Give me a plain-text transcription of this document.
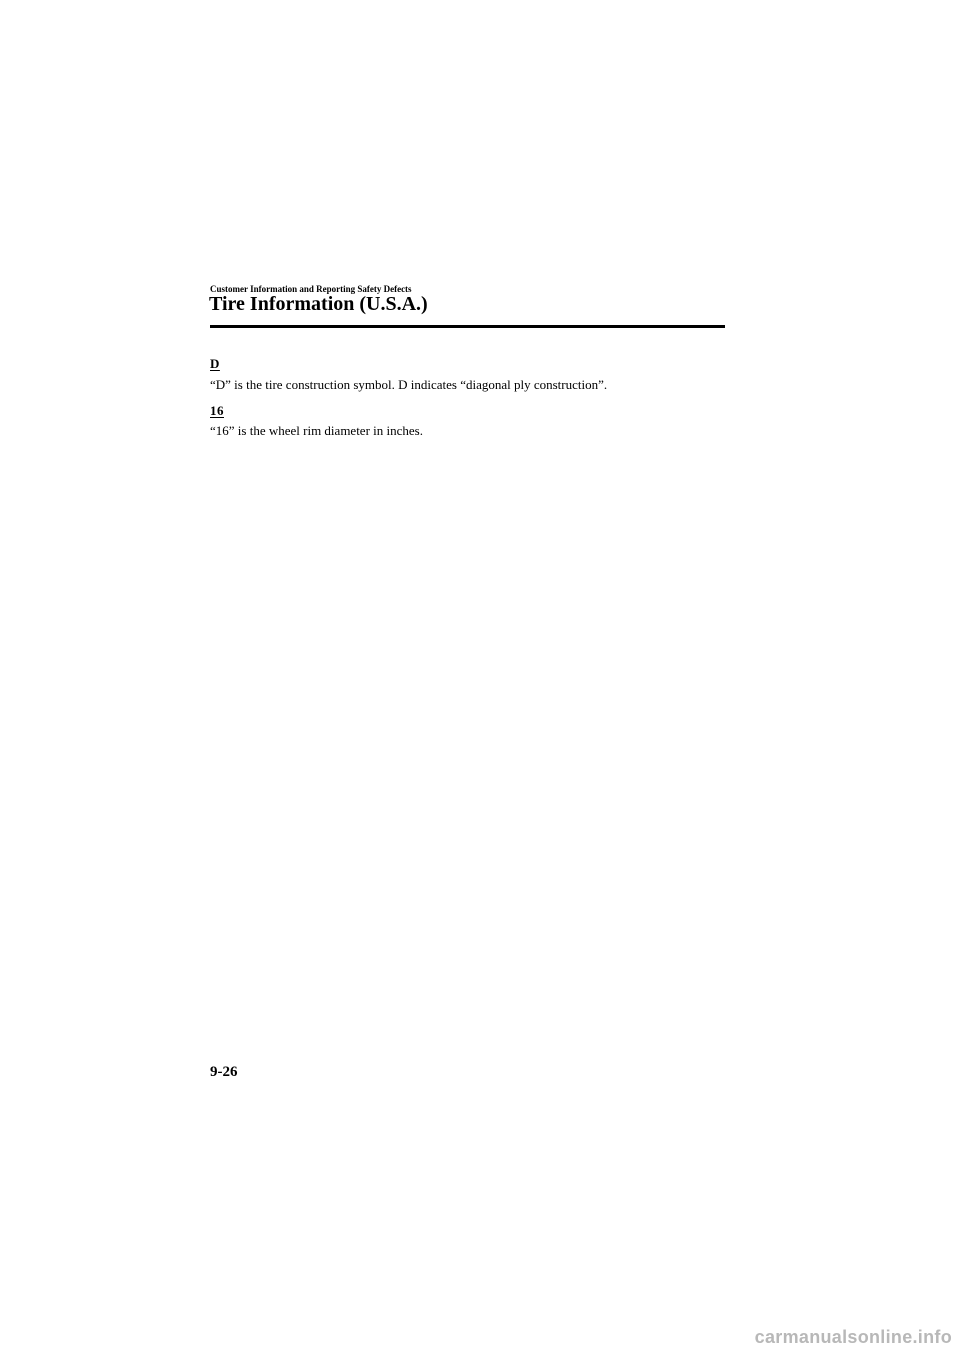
Customer Information and Reporting Safety Defects
Tire Information (U.S.A.)
D
“D” is the tire construction symbol. D indicates “diagonal ply construction”.
16
“16” is the wheel rim diameter in inches.
9-26
carmanualsonline.info
